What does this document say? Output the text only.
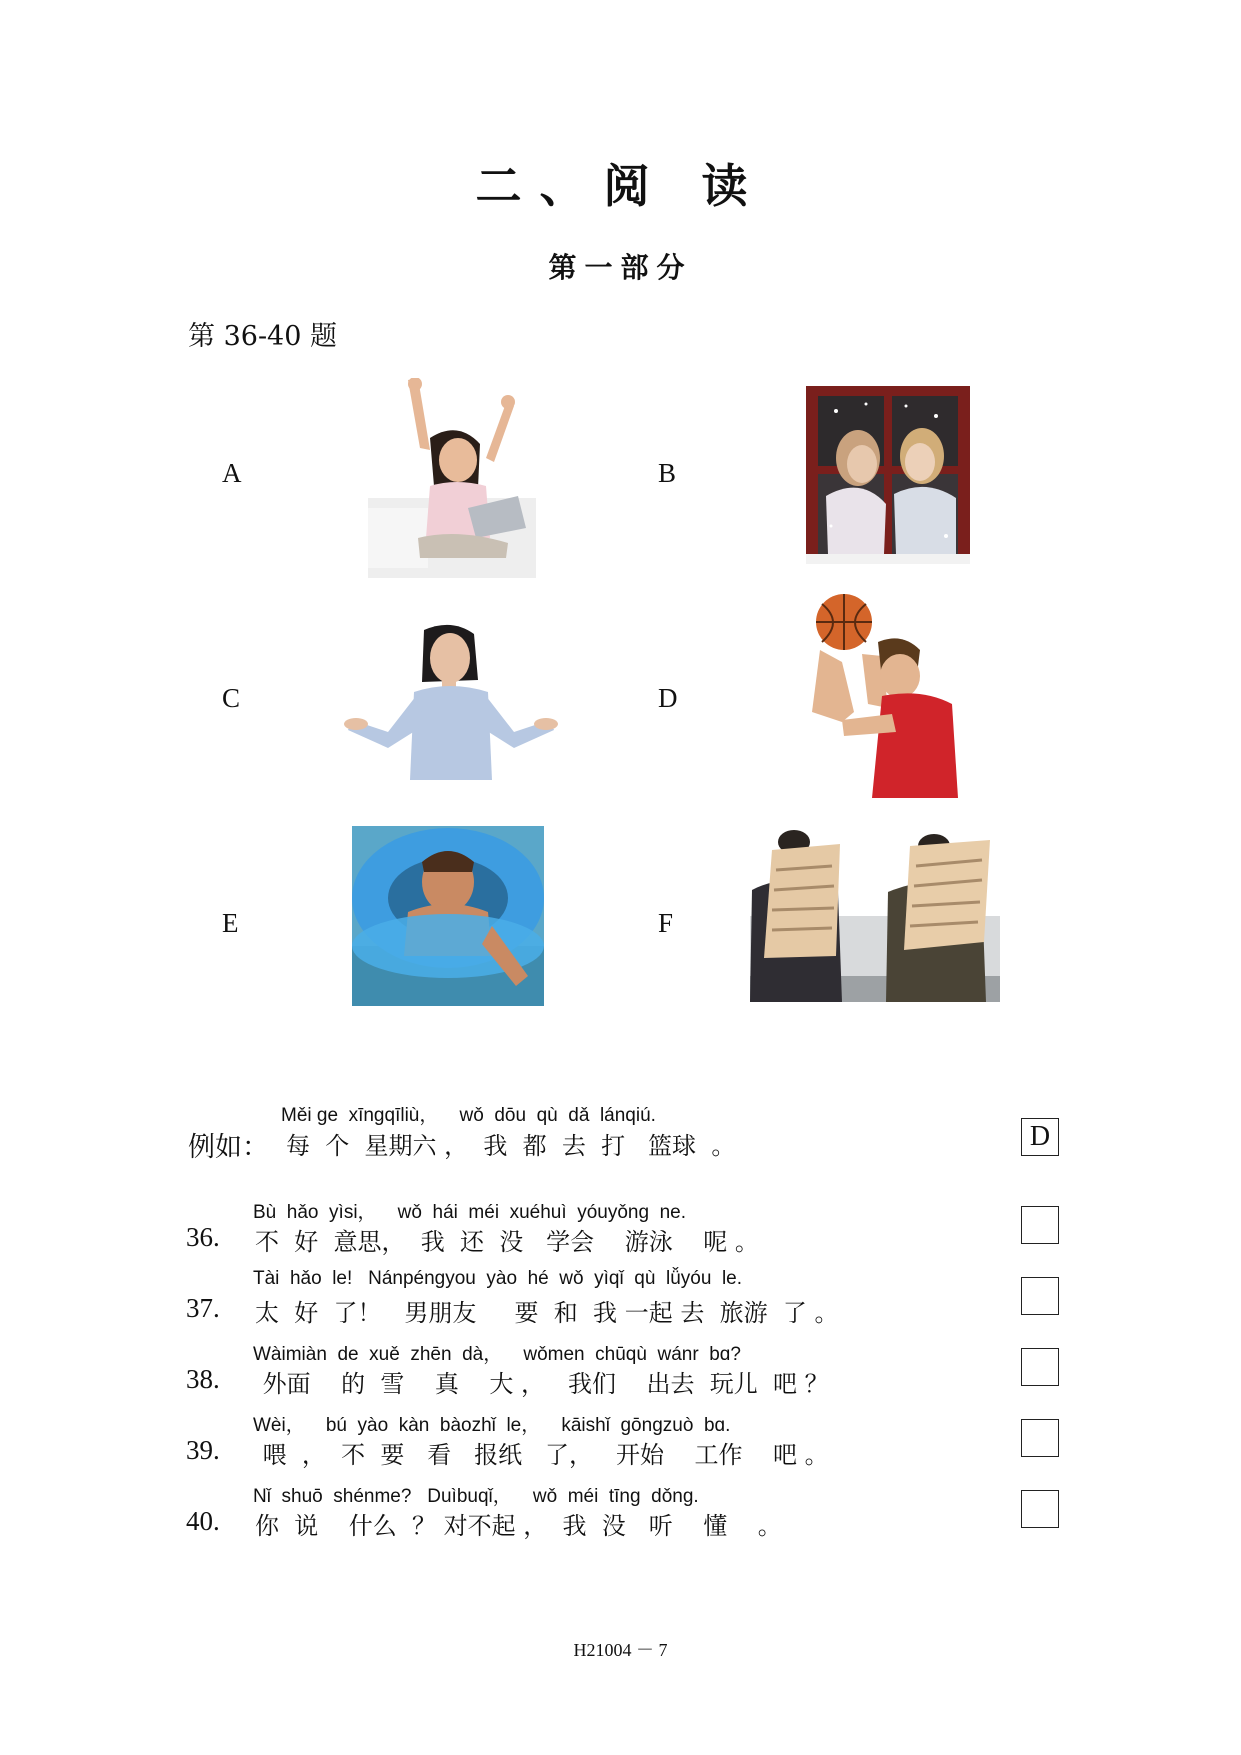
二、阅 读
第一部分
第 36-40 题
A	B
C	D
E	F
Měi ge  xīngqīliù，    wǒ  dōu  qù  dǎ  lánqiú.
例如： 每  个  星期六 ，  我  都  去  打   篮球  。	D
Bù  hǎo  yìsi，    wǒ  hái  méi  xuéhuì  yóuyǒng  ne.
36. 不  好  意思，  我  还  没   学会    游泳    呢 。
Tài  hǎo  le!   Nánpéngyou  yào  hé  wǒ  yìqǐ  qù  lǚyóu  le.
37. 太  好  了！   男朋友     要  和  我 一起 去  旅游  了 。
Wàimiàn  de  xuě  zhēn  dà，    wǒmen  chūqù  wánr  bɑ?
38. 外面    的  雪    真    大 ，   我们    出去  玩儿  吧 ？
Wèi，    bú  yào  kàn  bàozhǐ  le，    kāishǐ  gōngzuò  bɑ.
39. 喂  ，  不  要   看   报纸   了，   开始    工作    吧 。
Nǐ  shuō  shénme?   Duìbuqǐ，    wǒ  méi  tīng  dǒng.
40. 你  说    什么  ？ 对不起 ，  我  没   听    懂    。
H21004 － 7
